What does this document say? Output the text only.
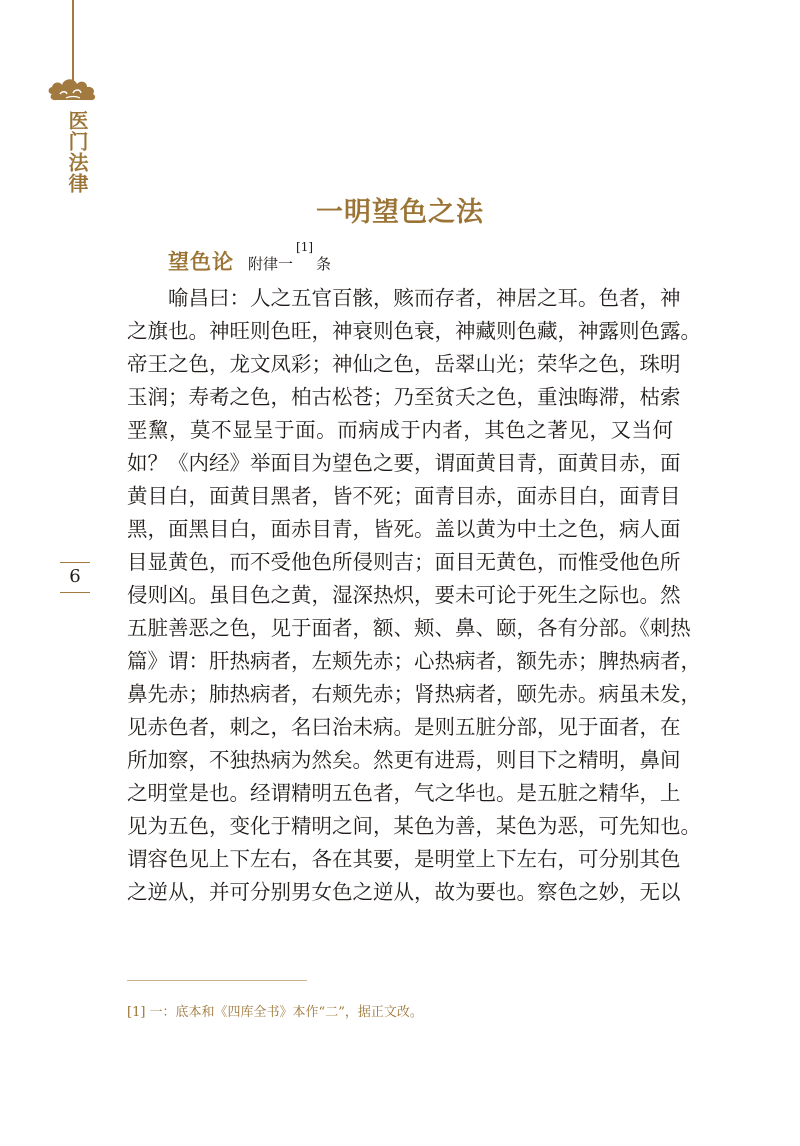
医门法律
6
一明望色之法
望色论 附律一[1]条
　　喻昌曰：人之五官百骸，赅而存者，神居之耳。色者，神
之旗也。神旺则色旺，神衰则色衰，神藏则色藏，神露则色露。
帝王之色，龙文凤彩；神仙之色，岳翠山光；荣华之色，珠明
玉润；寿耇之色，柏古松苍；乃至贫夭之色，重浊晦滞，枯索
垩黧，莫不显呈于面。而病成于内者，其色之著见，又当何
如？《内经》举面目为望色之要，谓面黄目青，面黄目赤，面
黄目白，面黄目黑者，皆不死；面青目赤，面赤目白，面青目
黑，面黑目白，面赤目青，皆死。盖以黄为中土之色，病人面
目显黄色，而不受他色所侵则吉；面目无黄色，而惟受他色所
侵则凶。虽目色之黄，湿深热炽，要未可论于死生之际也。然
五脏善恶之色，见于面者，额、颊、鼻、颐，各有分部。《刺热
篇》谓：肝热病者，左颊先赤；心热病者，额先赤；脾热病者，
鼻先赤；肺热病者，右颊先赤；肾热病者，颐先赤。病虽未发，
见赤色者，刺之，名曰治未病。是则五脏分部，见于面者，在
所加察，不独热病为然矣。然更有进焉，则目下之精明，鼻间
之明堂是也。经谓精明五色者，气之华也。是五脏之精华，上
见为五色，变化于精明之间，某色为善，某色为恶，可先知也。
谓容色见上下左右，各在其要，是明堂上下左右，可分别其色
之逆从，并可分别男女色之逆从，故为要也。察色之妙，无以
[1] 一：底本和《四库全书》本作“二”，据正文改。
